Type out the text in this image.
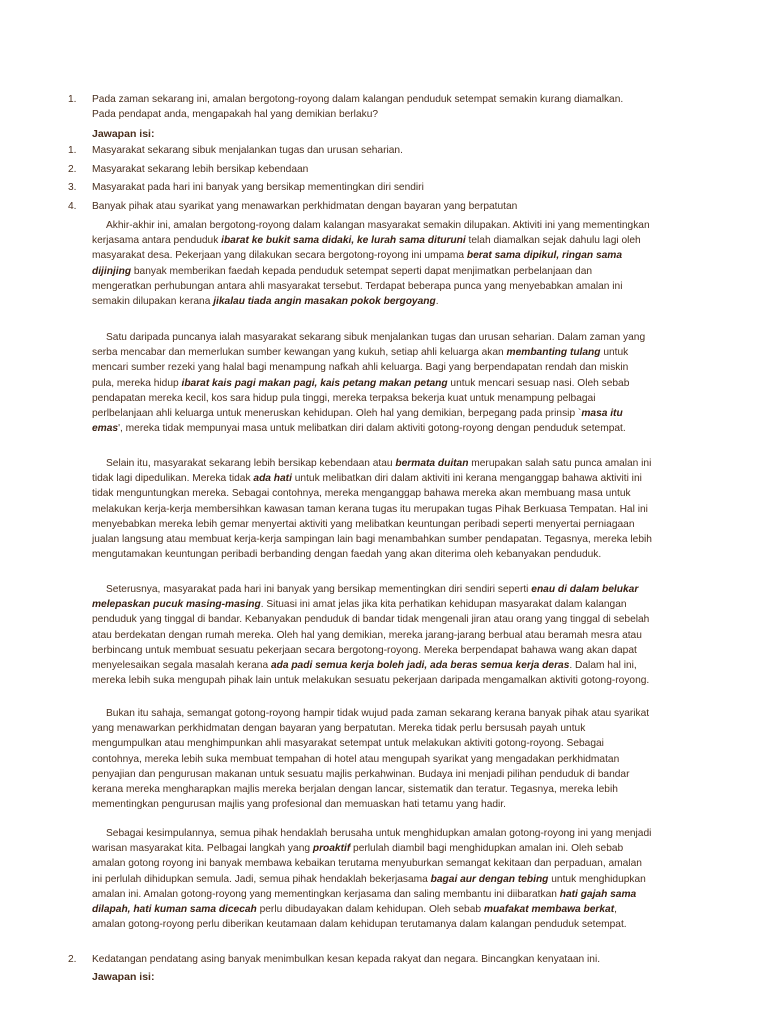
1. Pada zaman sekarang ini, amalan bergotong-royong dalam kalangan penduduk setempat semakin kurang diamalkan.
Pada pendapat anda, mengapakah hal yang demikian berlaku?
Jawapan isi:
1.	Masyarakat sekarang sibuk menjalankan tugas dan urusan seharian.
2.	Masyarakat sekarang lebih bersikap kebendaan
3.	Masyarakat pada hari ini banyak yang bersikap mementingkan diri sendiri
4.	Banyak pihak atau syarikat yang menawarkan perkhidmatan dengan bayaran yang berpatutan

Akhir-akhir ini, amalan bergotong-royong dalam kalangan masyarakat semakin dilupakan. Aktiviti ini yang mementingkan kerjasama antara penduduk ibarat ke bukit sama didaki, ke lurah sama dituruni telah diamalkan sejak dahulu lagi oleh masyarakat desa. Pekerjaan yang dilakukan secara bergotong-royong ini umpama berat sama dipikul, ringan sama dijinjing banyak memberikan faedah kepada penduduk setempat seperti dapat menjimatkan perbelanjaan dan mengeratkan perhubungan antara ahli masyarakat tersebut. Terdapat beberapa punca yang menyebabkan amalan ini semakin dilupakan kerana jikalau tiada angin masakan pokok bergoyang.

Satu daripada puncanya ialah masyarakat sekarang sibuk menjalankan tugas dan urusan seharian. Dalam zaman yang serba mencabar dan memerlukan sumber kewangan yang kukuh, setiap ahli keluarga akan membanting tulang untuk mencari sumber rezeki yang halal bagi menampung nafkah ahli keluarga. Bagi yang berpendapatan rendah dan miskin pula, mereka hidup ibarat kais pagi makan pagi, kais petang makan petang untuk mencari sesuap nasi. Oleh sebab pendapatan mereka kecil, kos sara hidup pula tinggi, mereka terpaksa bekerja kuat untuk menampung pelbagai perlbelanjaan ahli keluarga untuk meneruskan kehidupan. Oleh hal yang demikian, berpegang pada prinsip `masa itu emas', mereka tidak mempunyai masa untuk melibatkan diri dalam aktiviti gotong-royong dengan penduduk setempat.

Selain itu, masyarakat sekarang lebih bersikap kebendaan atau bermata duitan merupakan salah satu punca amalan ini tidak lagi dipedulikan. Mereka tidak ada hati untuk melibatkan diri dalam aktiviti ini kerana menganggap bahawa aktiviti ini tidak menguntungkan mereka. Sebagai contohnya, mereka menganggap bahawa mereka akan membuang masa untuk melakukan kerja-kerja membersihkan kawasan taman kerana tugas itu merupakan tugas Pihak Berkuasa Tempatan. Hal ini menyebabkan mereka lebih gemar menyertai aktiviti yang melibatkan keuntungan peribadi seperti menyertai perniagaan jualan langsung atau membuat kerja-kerja sampingan lain bagi menambahkan sumber pendapatan. Tegasnya, mereka lebih mengutamakan keuntungan peribadi berbanding dengan faedah yang akan diterima oleh kebanyakan penduduk.

Seterusnya, masyarakat pada hari ini banyak yang bersikap mementingkan diri sendiri seperti enau di dalam belukar melepaskan pucuk masing-masing. Situasi ini amat jelas jika kita perhatikan kehidupan masyarakat dalam kalangan penduduk yang tinggal di bandar. Kebanyakan penduduk di bandar tidak mengenali jiran atau orang yang tinggal di sebelah atau berdekatan dengan rumah mereka. Oleh hal yang demikian, mereka jarang-jarang berbual atau beramah mesra atau berbincang untuk membuat sesuatu pekerjaan secara bergotong-royong. Mereka berpendapat bahawa wang akan dapat menyelesaikan segala masalah kerana ada padi semua kerja boleh jadi, ada beras semua kerja deras. Dalam hal ini, mereka lebih suka mengupah pihak lain untuk melakukan sesuatu pekerjaan daripada mengamalkan aktiviti gotong-royong.

Bukan itu sahaja, semangat gotong-royong hampir tidak wujud pada zaman sekarang kerana banyak pihak atau syarikat yang menawarkan perkhidmatan dengan bayaran yang berpatutan. Mereka tidak perlu bersusah payah untuk mengumpulkan atau menghimpunkan ahli masyarakat setempat untuk melakukan aktiviti gotong-royong. Sebagai contohnya, mereka lebih suka membuat tempahan di hotel atau mengupah syarikat yang mengadakan perkhidmatan penyajian dan pengurusan makanan untuk sesuatu majlis perkahwinan. Budaya ini menjadi pilihan penduduk di bandar kerana mereka mengharapkan majlis mereka berjalan dengan lancar, sistematik dan teratur. Tegasnya, mereka lebih mementingkan pengurusan majlis yang profesional dan memuaskan hati tetamu yang hadir.

Sebagai kesimpulannya, semua pihak hendaklah berusaha untuk menghidupkan amalan gotong-royong ini yang menjadi warisan masyarakat kita. Pelbagai langkah yang proaktif perlulah diambil bagi menghidupkan amalan ini. Oleh sebab amalan gotong royong ini banyak membawa kebaikan terutama menyuburkan semangat kekitaan dan perpaduan, amalan ini perlulah dihidupkan semula. Jadi, semua pihak hendaklah bekerjasama bagai aur dengan tebing untuk menghidupkan amalan ini. Amalan gotong-royong yang mementingkan kerjasama dan saling membantu ini diibaratkan hati gajah sama dilapah, hati kuman sama dicecah perlu dibudayakan dalam kehidupan. Oleh sebab muafakat membawa berkat, amalan gotong-royong perlu diberikan keutamaan dalam kehidupan terutamanya dalam kalangan penduduk setempat.

2. Kedatangan pendatang asing banyak menimbulkan kesan kepada rakyat dan negara. Bincangkan kenyataan ini.
Jawapan isi:
